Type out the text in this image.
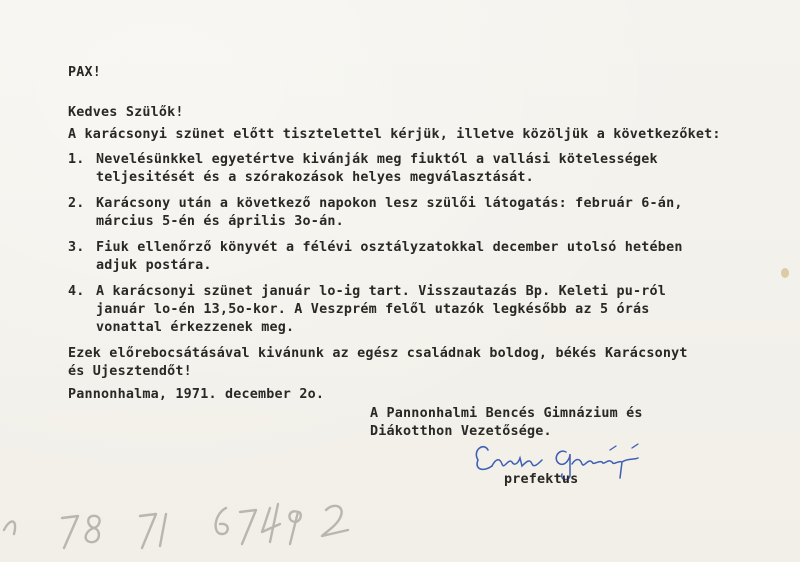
PAX!
Kedves Szülők!
A karácsonyi szünet előtt tisztelettel kérjük, illetve közöljük a következőket:
1. Nevelésünkkel egyetértve kivánják meg fiuktól a vallási kötelességek
teljesitését és a szórakozások helyes megválasztását.
2. Karácsony után a következő napokon lesz szülői látogatás: február 6-án,
március 5-én és április 3o-án.
3. Fiuk ellenőrző könyvét a félévi osztályzatokkal december utolsó hetében
adjuk postára.
4. A karácsonyi szünet január lo-ig tart. Visszautazás Bp. Keleti pu-ról
január lo-én 13,5o-kor. A Veszprém felől utazók legkésőbb az 5 órás
vonattal érkezzenek meg.
Ezek előrebocsátásával kivánunk az egész családnak boldog, békés Karácsonyt
és Ujesztendőt!
Pannonhalma, 1971. december 2o.
A Pannonhalmi Bencés Gimnázium és
Diákotthon Vezetősége.
prefektus
